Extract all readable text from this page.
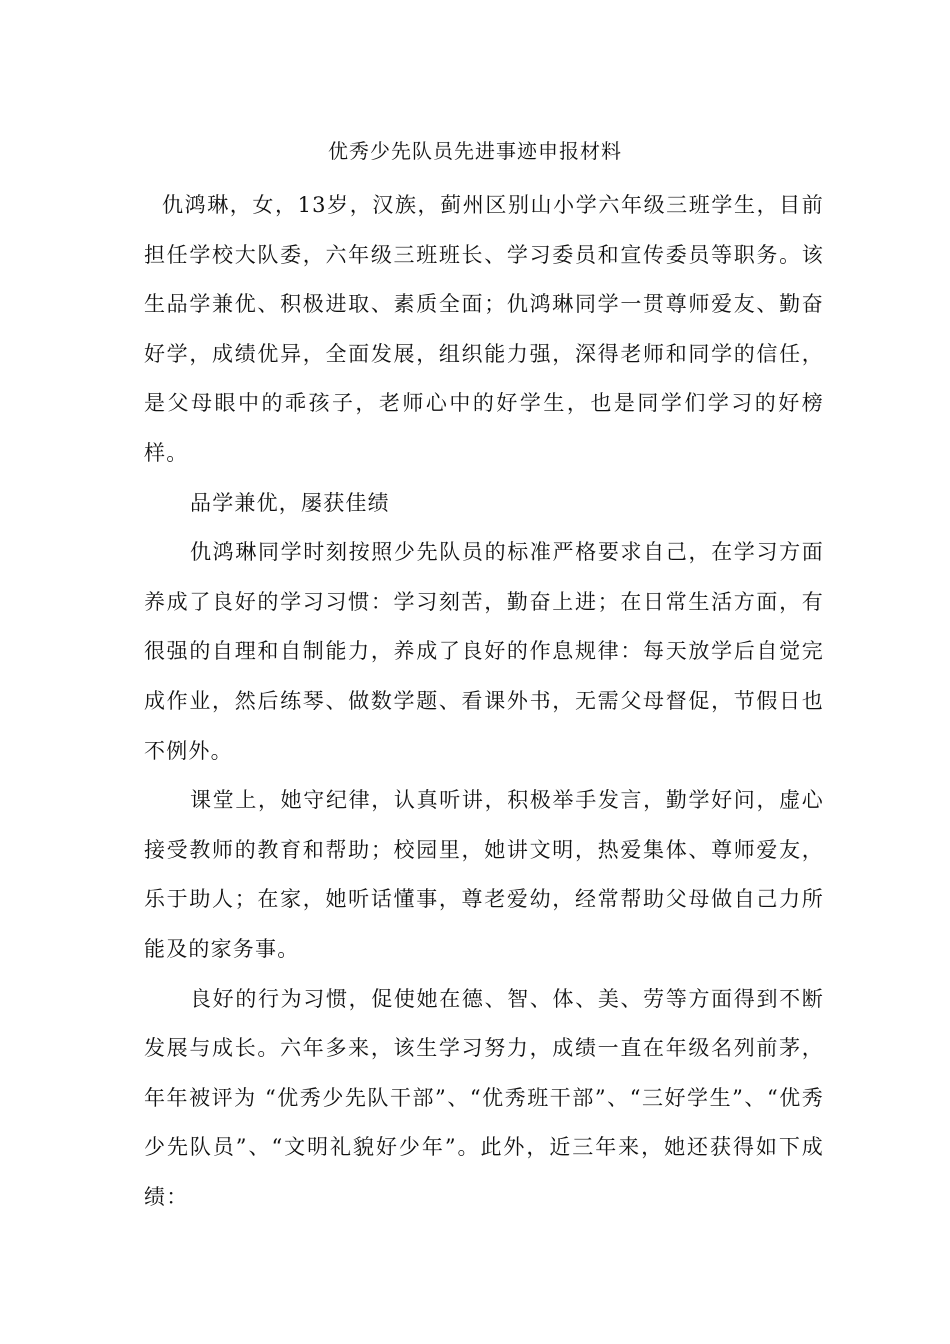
优秀少先队员先进事迹申报材料

仇鸿琳，女，13岁，汉族，蓟州区别山小学六年级三班学生，目前担任学校大队委，六年级三班班长、学习委员和宣传委员等职务。该生品学兼优、积极进取、素质全面；仇鸿琳同学一贯尊师爱友、勤奋好学，成绩优异，全面发展，组织能力强，深得老师和同学的信任，是父母眼中的乖孩子，老师心中的好学生，也是同学们学习的好榜样。

品学兼优，屡获佳绩

仇鸿琳同学时刻按照少先队员的标准严格要求自己，在学习方面养成了良好的学习习惯：学习刻苦，勤奋上进；在日常生活方面，有很强的自理和自制能力，养成了良好的作息规律：每天放学后自觉完成作业，然后练琴、做数学题、看课外书，无需父母督促，节假日也不例外。

课堂上，她守纪律，认真听讲，积极举手发言，勤学好问，虚心接受教师的教育和帮助；校园里，她讲文明，热爱集体、尊师爱友，乐于助人；在家，她听话懂事，尊老爱幼，经常帮助父母做自己力所能及的家务事。

良好的行为习惯，促使她在德、智、体、美、劳等方面得到不断发展与成长。六年多来，该生学习努力，成绩一直在年级名列前茅，年年被评为 “优秀少先队干部”、“优秀班干部”、“三好学生”、“优秀少先队员”、“文明礼貌好少年”。此外，近三年来，她还获得如下成绩：
